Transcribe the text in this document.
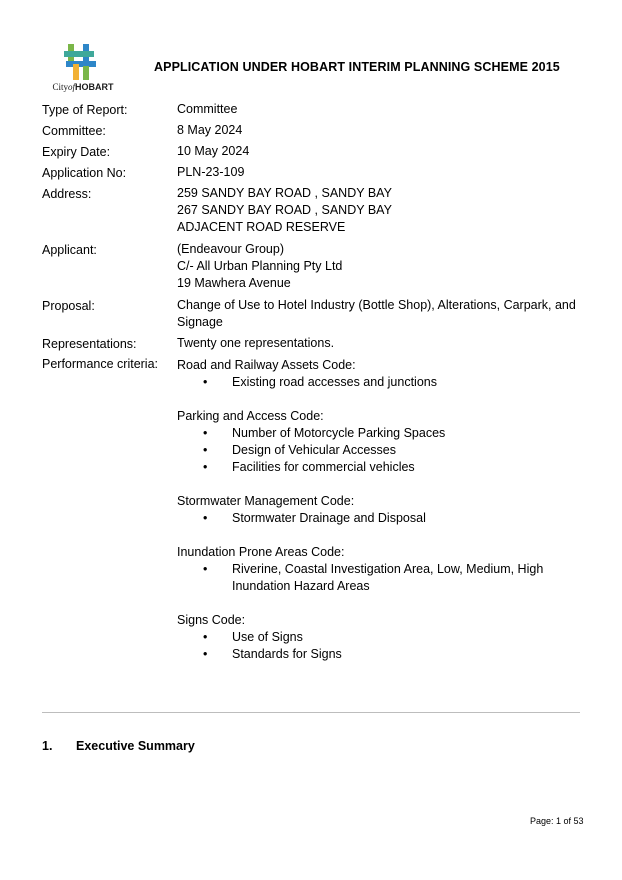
CityofHOBART
APPLICATION UNDER HOBART INTERIM PLANNING SCHEME 2015
Type of Report:	Committee
Committee:	8 May 2024
Expiry Date:	10 May 2024
Application No:	PLN-23-109
Address:	259 SANDY BAY ROAD , SANDY BAY
267 SANDY BAY ROAD , SANDY BAY
ADJACENT ROAD RESERVE
Applicant:	(Endeavour Group)
C/- All Urban Planning Pty Ltd
19 Mawhera Avenue
Proposal:	Change of Use to Hotel Industry (Bottle Shop), Alterations, Carpark, and
Signage
Representations:	Twenty one representations.
Performance criteria: Road and Railway Assets Code:
• Existing road accesses and junctions
Parking and Access Code:
• Number of Motorcycle Parking Spaces
• Design of Vehicular Accesses
• Facilities for commercial vehicles
Stormwater Management Code:
• Stormwater Drainage and Disposal
Inundation Prone Areas Code:
• Riverine, Coastal Investigation Area, Low, Medium, High
Inundation Hazard Areas
Signs Code:
• Use of Signs
• Standards for Signs
1. Executive Summary
Page: 1 of 53
